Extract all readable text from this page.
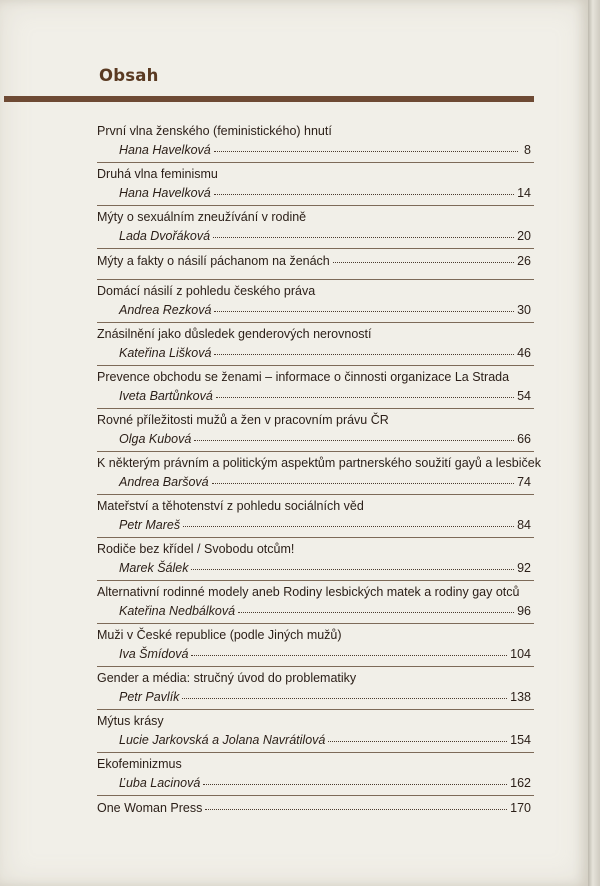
Obsah
První vlna ženského (feministického) hnutí
Hana Havelková	8
Druhá vlna feminismu
Hana Havelková	14
Mýty o sexuálním zneužívání v rodině
Lada Dvořáková	20
Mýty a fakty o násilí páchanom na ženách	26
Domácí násilí z pohledu českého práva
Andrea Rezková	30
Znásilnění jako důsledek genderových nerovností
Kateřina Lišková	46
Prevence obchodu se ženami – informace o činnosti organizace La Strada
Iveta Bartůnková	54
Rovné příležitosti mužů a žen v pracovním právu ČR
Olga Kubová	66
K některým právním a politickým aspektům partnerského soužití gayů a lesbiček
Andrea Baršová	74
Mateřství a těhotenství z pohledu sociálních věd
Petr Mareš	84
Rodiče bez křídel / Svobodu otcům!
Marek Šálek	92
Alternativní rodinné modely aneb Rodiny lesbických matek a rodiny gay otců
Kateřina Nedbálková	96
Muži v České republice (podle Jiných mužů)
Iva Šmídová	104
Gender a média: stručný úvod do problematiky
Petr Pavlík	138
Mýtus krásy
Lucie Jarkovská a Jolana Navrátilová	154
Ekofeminizmus
Ľuba Lacinová	162
One Woman Press	170
